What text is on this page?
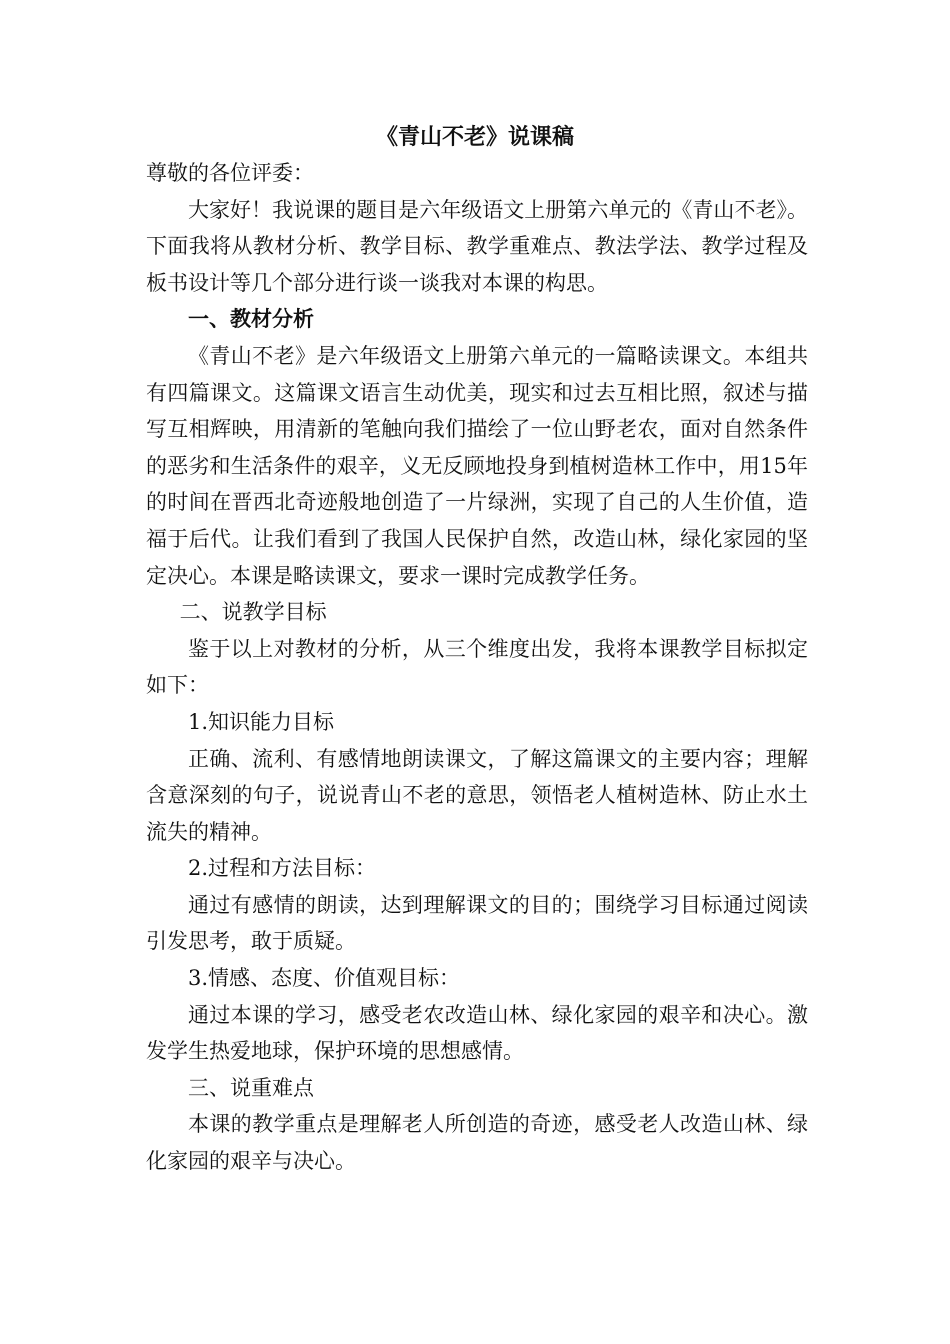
《青山不老》说课稿

尊敬的各位评委：

大家好！我说课的题目是六年级语文上册第六单元的《青山不老》。下面我将从教材分析、教学目标、教学重难点、教法学法、教学过程及板书设计等几个部分进行谈一谈我对本课的构思。

一、教材分析

《青山不老》是六年级语文上册第六单元的一篇略读课文。本组共有四篇课文。这篇课文语言生动优美，现实和过去互相比照，叙述与描写互相辉映，用清新的笔触向我们描绘了一位山野老农，面对自然条件的恶劣和生活条件的艰辛，义无反顾地投身到植树造林工作中，用15年的时间在晋西北奇迹般地创造了一片绿洲，实现了自己的人生价值，造福于后代。让我们看到了我国人民保护自然，改造山林，绿化家园的坚定决心。本课是略读课文，要求一课时完成教学任务。

二、说教学目标

鉴于以上对教材的分析，从三个维度出发，我将本课教学目标拟定如下：

1.知识能力目标

正确、流利、有感情地朗读课文，了解这篇课文的主要内容；理解含意深刻的句子，说说青山不老的意思，领悟老人植树造林、防止水土流失的精神。

2.过程和方法目标：

通过有感情的朗读，达到理解课文的目的；围绕学习目标通过阅读引发思考，敢于质疑。

3.情感、态度、价值观目标：

通过本课的学习，感受老农改造山林、绿化家园的艰辛和决心。激发学生热爱地球，保护环境的思想感情。

三、说重难点

本课的教学重点是理解老人所创造的奇迹，感受老人改造山林、绿化家园的艰辛与决心。
